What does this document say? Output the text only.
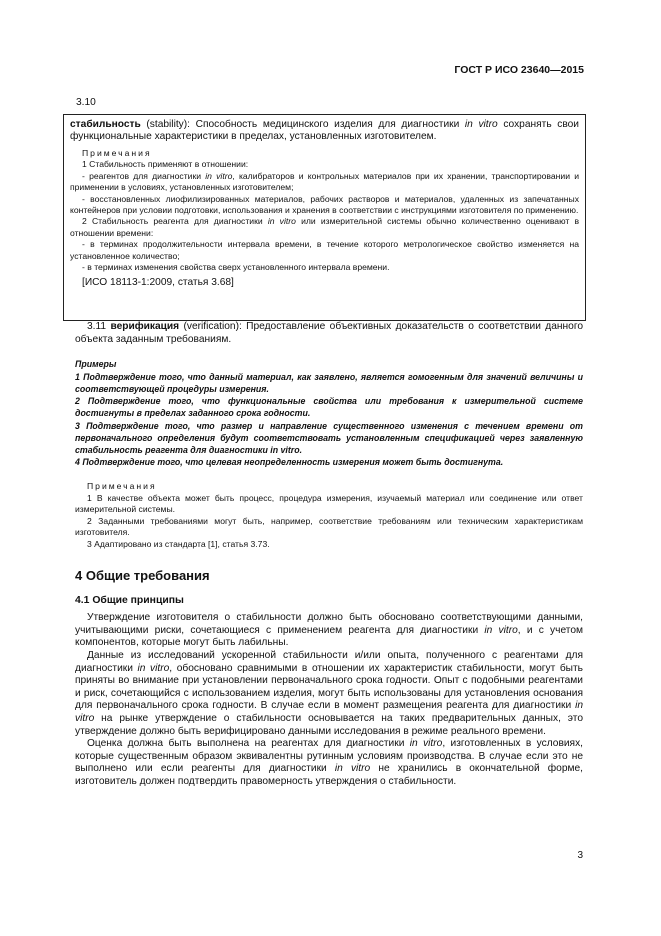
ГОСТ Р ИСО 23640—2015
3.10

стабильность (stability): Способность медицинского изделия для диагностики in vitro сохранять свои функциональные характеристики в пределах, установленных изготовителем.

Примечания

1 Стабильность применяют в отношении:

- реагентов для диагностики in vitro, калибраторов и контрольных материалов при их хранении, транспортировании и применении в условиях, установленных изготовителем;

- восстановленных лиофилизированных материалов, рабочих растворов и материалов, удаленных из запечатанных контейнеров при условии подготовки, использования и хранения в соответствии с инструкциями изготовителя по применению.

2 Стабильность реагента для диагностики in vitro или измерительной системы обычно количественно оценивают в отношении времени:

- в терминах продолжительности интервала времени, в течение которого метрологическое свойство изменяется на установленное количество;

- в терминах изменения свойства сверх установленного интервала времени.

[ИСО 18113-1:2009, статья 3.68]

3.11 верификация (verification): Предоставление объективных доказательств о соответствии данного объекта заданным требованиям.

Примеры

1 Подтверждение того, что данный материал, как заявлено, является гомогенным для значений величины и соответствующей процедуры измерения.

2 Подтверждение того, что функциональные свойства или требования к измерительной системе достигнуты в пределах заданного срока годности.

3 Подтверждение того, что размер и направление существенного изменения с течением времени от первоначального определения будут соответствовать установленным спецификацией через заявленную стабильность реагента для диагностики in vitro.

4 Подтверждение того, что целевая неопределенность измерения может быть достигнута.

Примечания

1 В качестве объекта может быть процесс, процедура измерения, изучаемый материал или соединение или ответ измерительной системы.

2 Заданными требованиями могут быть, например, соответствие требованиям или техническим характеристикам изготовителя.

3 Адаптировано из стандарта [1], статья 3.73.

4 Общие требования
4.1 Общие принципы

Утверждение изготовителя о стабильности должно быть обосновано соответствующими данными, учитывающими риски, сочетающиеся с применением реагента для диагностики in vitro, и с учетом компонентов, которые могут быть лабильны.

Данные из исследований ускоренной стабильности и/или опыта, полученного с реагентами для диагностики in vitro, обосновано сравнимыми в отношении их характеристик стабильности, могут быть приняты во внимание при установлении первоначального срока годности. Опыт с подобными реагентами и риск, сочетающийся с использованием изделия, могут быть использованы для установления основания для первоначального срока годности. В случае если в момент размещения реагента для диагностики in vitro на рынке утверждение о стабильности основывается на таких предварительных данных, это утверждение должно быть верифицировано данными исследования в режиме реального времени.

Оценка должна быть выполнена на реагентах для диагностики in vitro, изготовленных в условиях, которые существенным образом эквивалентны рутинным условиям производства. В случае если это не выполнено или если реагенты для диагностики in vitro не хранились в окончательной форме, изготовитель должен подтвердить правомерность утверждения о стабильности.

3
